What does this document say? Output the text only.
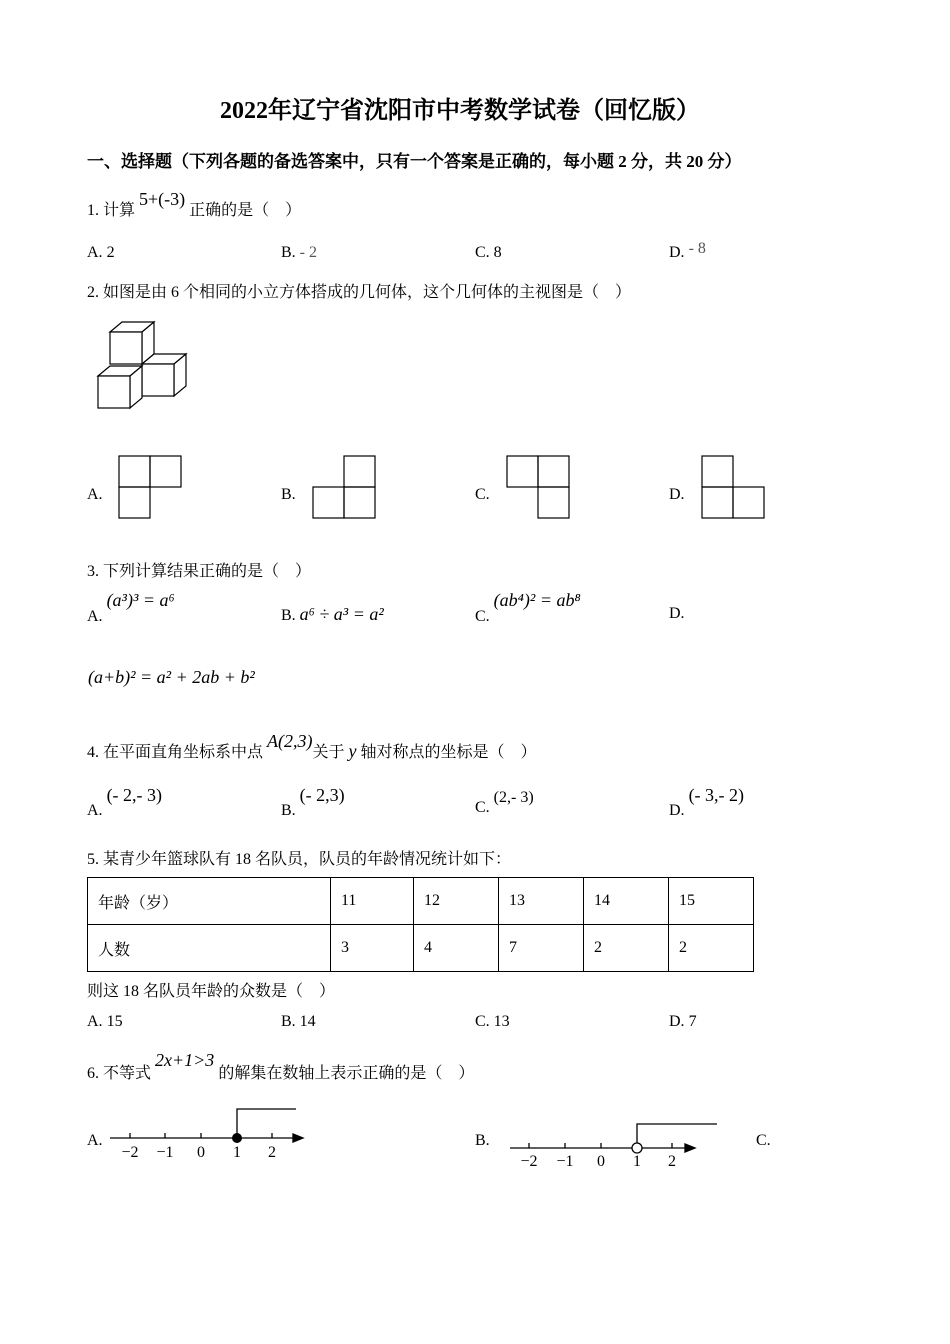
2022年辽宁省沈阳市中考数学试卷（回忆版）
一、选择题（下列各题的备选答案中，只有一个答案是正确的，每小题 2 分，共 20 分）
1. 计算 5+(-3) 正确的是（　）
A. 2	B. - 2	C. 8	D. - 8
2. 如图是由 6 个相同的小立方体搭成的几何体，这个几何体的主视图是（　）
A.	B.	C.	D.
3. 下列计算结果正确的是（　）
A. (a³)³ = a⁶
B. a⁶ ÷ a³ = a²	C. (ab⁴)² = ab⁸
D.
(a+b)² = a² + 2ab + b²
4. 在平面直角坐标系中点 A(2,3)关于 y 轴对称点的坐标是（　）
A. (- 2,- 3)
B. (- 2,3)
C. (2,- 3)
D. (- 3,- 2)
5. 某青少年篮球队有 18 名队员，队员的年龄情况统计如下：
年龄（岁）	11	12	13	14	15
人数	3	4	7	2	2
则这 18 名队员年龄的众数是（　）
A. 15	B. 14	C. 13	D. 7
6. 不等式 2x+1>3 的解集在数轴上表示正确的是（　）
A.
−2 −1 0 1 2
B.
−2 −1 0 1 2
C.
